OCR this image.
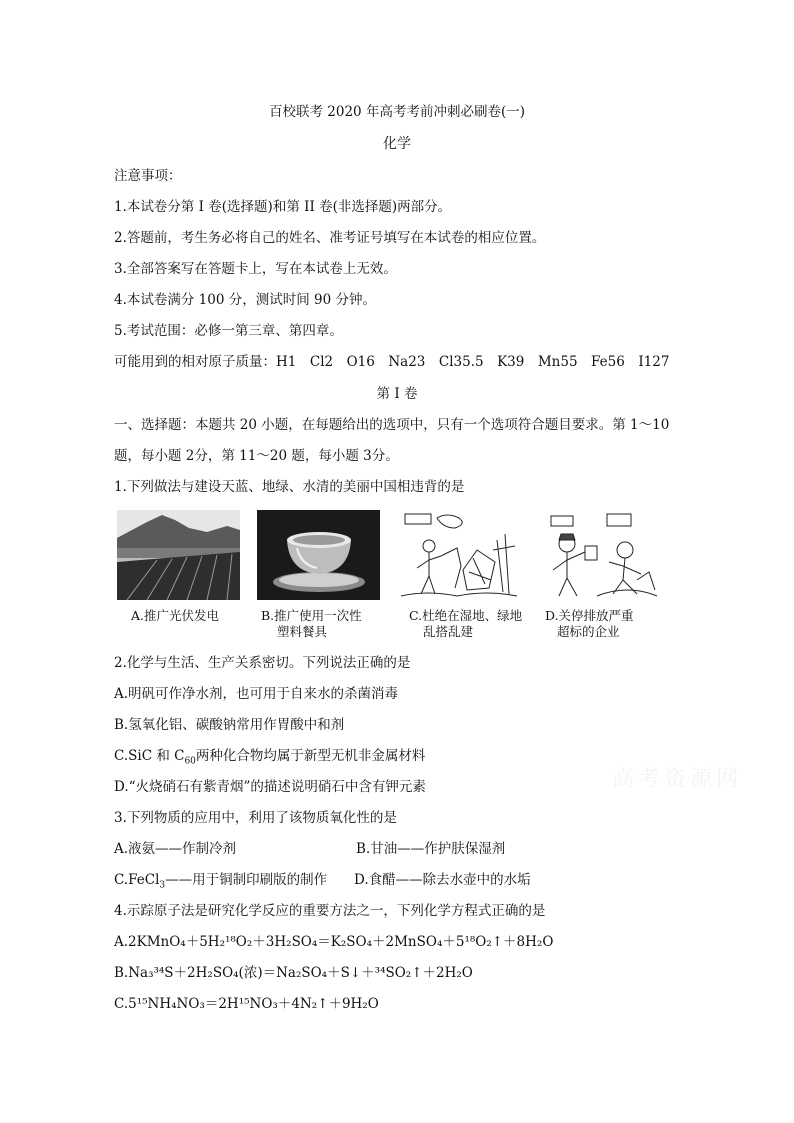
百校联考 2020 年高考考前冲刺必刷卷(一)
化学
注意事项：
1.本试卷分第 I 卷(选择题)和第 II 卷(非选择题)两部分。
2.答题前，考生务必将自己的姓名、准考证号填写在本试卷的相应位置。
3.全部答案写在答题卡上，写在本试卷上无效。
4.本试卷满分 100 分，测试时间 90 分钟。
5.考试范围：必修一第三章、第四章。
可能用到的相对原子质量：H1　Cl2　O16　Na23　Cl35.5　K39　Mn55　Fe56　I127
第 I 卷
一、选择题：本题共 20 小题，在每题给出的选项中，只有一个选项符合题目要求。第 1～10
题，每小题 2分，第 11～20 题，每小题 3分。
1.下列做法与建设天蓝、地绿、水清的美丽中国相违背的是
A.推广光伏发电	B.推广使用一次性
塑料餐具
C.杜绝在湿地、绿地
乱搭乱建
D.关停排放严重
超标的企业
2.化学与生活、生产关系密切。下列说法正确的是
A.明矾可作净水剂，也可用于自来水的杀菌消毒
B.氢氧化铝、碳酸钠常用作胃酸中和剂
C.SiC 和 $C_{60}$两种化合物均属于新型无机非金属材料
D.“火烧硝石有紫青烟”的描述说明硝石中含有钾元素
3.下列物质的应用中，利用了该物质氧化性的是
A.液氨——作制冷剂	B.甘油——作护肤保湿剂
C.FeCl$_3$——用于铜制印刷版的制作 D.食醋——除去水壶中的水垢
4.示踪原子法是研究化学反应的重要方法之一，下列化学方程式正确的是
A.2KMnO₄＋5H₂¹⁸O₂＋3H₂SO₄＝K₂SO₄＋2MnSO₄＋5¹⁸O₂↑＋8H₂O
B.Na₃³⁴S＋2H₂SO₄(浓)＝Na₂SO₄＋S↓＋³⁴SO₂↑＋2H₂O
C.5¹⁵NH₄NO₃＝2H¹⁵NO₃＋4N₂↑＋9H₂O
高考资源网
